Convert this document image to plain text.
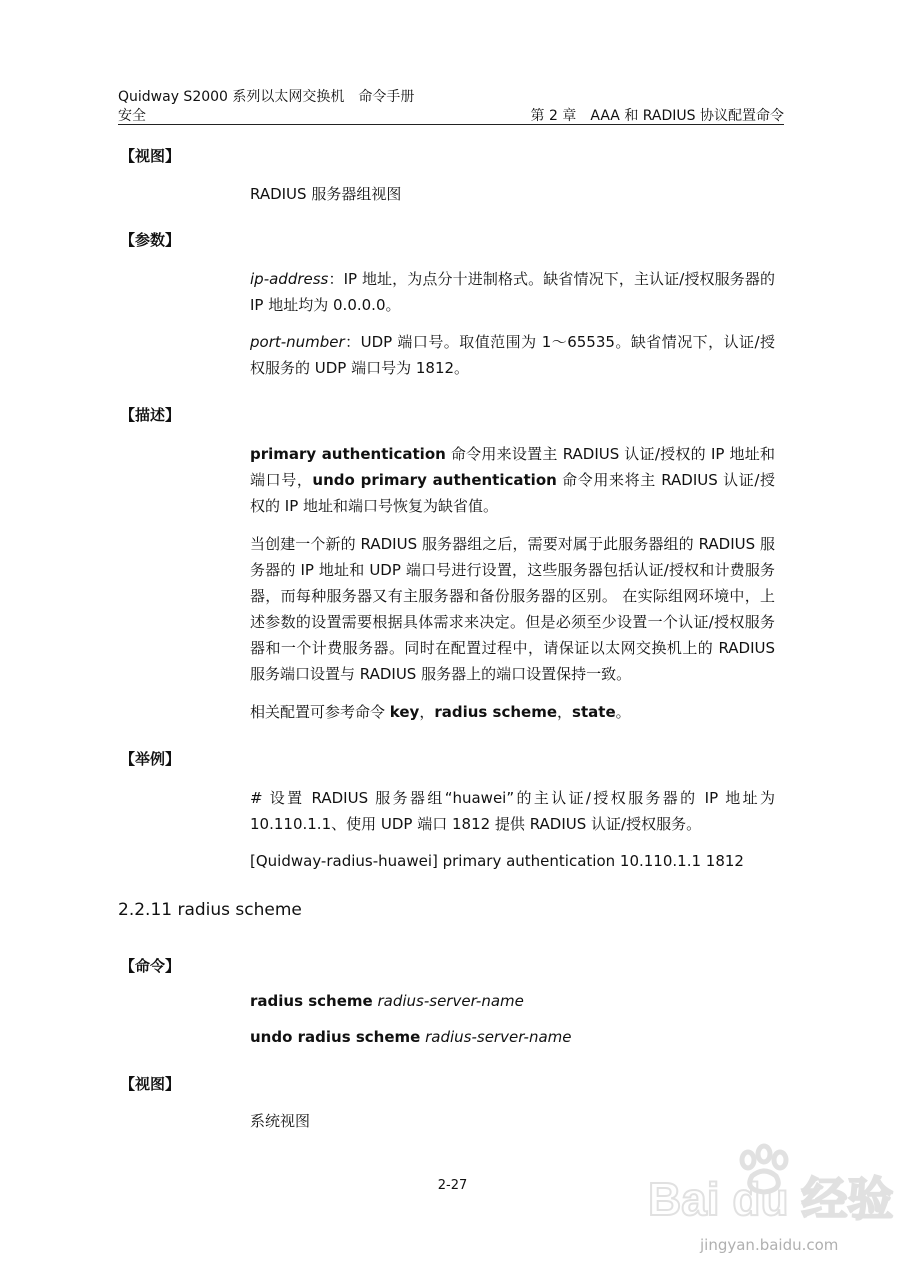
Quidway S2000 系列以太网交换机　命令手册
安全	第 2 章　AAA 和 RADIUS 协议配置命令
【视图】

RADIUS 服务器组视图

【参数】

ip-address：IP 地址，为点分十进制格式。缺省情况下，主认证/授权服务器的 IP 地址均为 0.0.0.0。

port-number：UDP 端口号。取值范围为 1～65535。缺省情况下，认证/授权服务的 UDP 端口号为 1812。

【描述】

primary authentication 命令用来设置主 RADIUS 认证/授权的 IP 地址和端口号，undo primary authentication 命令用来将主 RADIUS 认证/授权的 IP 地址和端口号恢复为缺省值。

当创建一个新的 RADIUS 服务器组之后，需要对属于此服务器组的 RADIUS 服务器的 IP 地址和 UDP 端口号进行设置，这些服务器包括认证/授权和计费服务器，而每种服务器又有主服务器和备份服务器的区别。 在实际组网环境中，上述参数的设置需要根据具体需求来决定。但是必须至少设置一个认证/授权服务器和一个计费服务器。同时在配置过程中，请保证以太网交换机上的 RADIUS 服务端口设置与 RADIUS 服务器上的端口设置保持一致。

相关配置可参考命令 key，radius scheme，state。

【举例】

# 设置 RADIUS 服务器组“huawei”的主认证/授权服务器的 IP 地址为 10.110.1.1、使用 UDP 端口 1812 提供 RADIUS 认证/授权服务。

[Quidway-radius-huawei] primary authentication 10.110.1.1 1812

2.2.11 radius scheme
【命令】

radius scheme radius-server-name

undo radius scheme radius-server-name

【视图】

系统视图

2-27	Bai du 经验
jingyan.baidu.com
